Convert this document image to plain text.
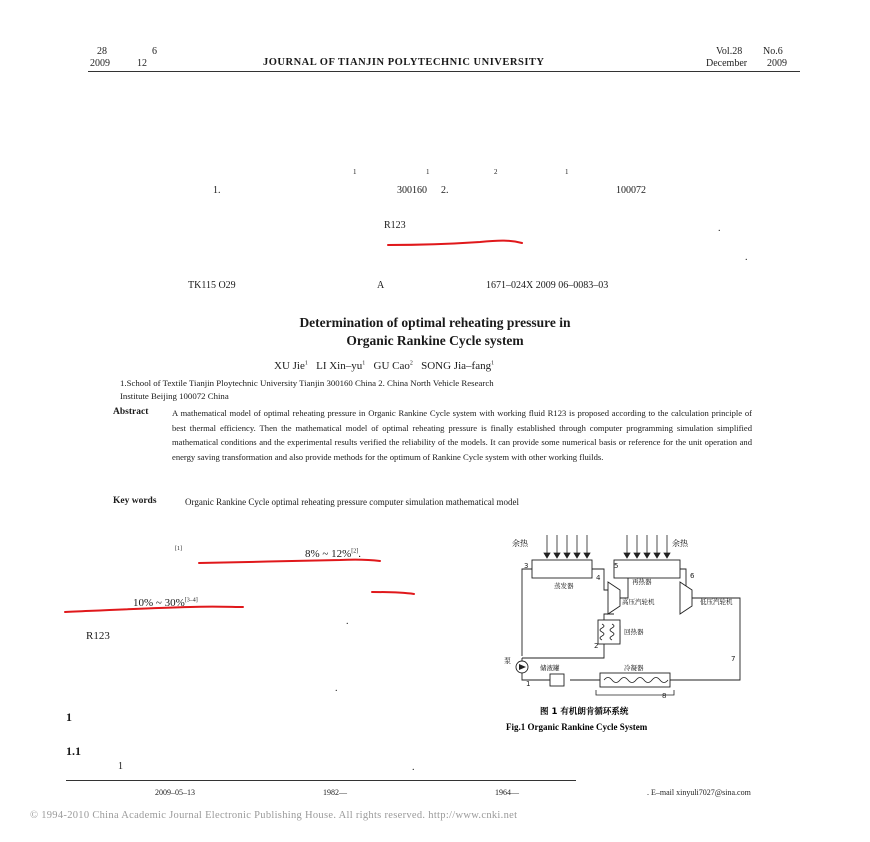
28	6
2009	12	JOURNAL OF TIANJIN POLYTECHNIC UNIVERSITY
Vol.28 No.6
December 2009
1	1	2	1
1.	300160 2.	100072
R123	.
.
TK115 O29	A	1671–024X 2009 06–0083–03
Determination of optimal reheating pressure in
Organic Rankine Cycle system
XU Jie$^1$ LI Xin–$yu^1$ GU Cao$^2$ SONG Jia–fang$^1$
1.School of Textile Tianjin Ploytechnic University Tianjin 300160 China 2. China North Vehicle Research
Institute Beijing 100072 China
Abstract	A mathematical model of optimal reheating pressure in Organic Rankine Cycle system with working fluid R123 is proposed according to the calculation principle of best thermal efficiency. Then the mathematical model of optimal reheating pressure is finally established through computer programming simulation simplified mathematical conditions and the experimental results verified the reliability of the models. It can provide some numerical basis or reference for the unit operation and energy saving transformation and also provide methods for the optimum of Rankine Cycle system with other working fluilds.
Key words	Organic Rankine Cycle optimal reheating pressure computer simulation mathematical model
[1]	8% ~ 12%[2].
10% ~ 30%[3–4]
R123
.
.
1
1.1
1	.
余热	余热
蒸发器	再热器
高压汽轮机	低压汽轮机
回热器
泵
储液罐	冷凝器
1
2
3
4
5
6
7
8
图 1 有机朗肯循环系统
Fig.1 Organic Rankine Cycle System
2009–05–13	1982—	1964—	. E–mail xinyuli7027@sina.com
© 1994-2010 China Academic Journal Electronic Publishing House. All rights reserved. http://www.cnki.net
